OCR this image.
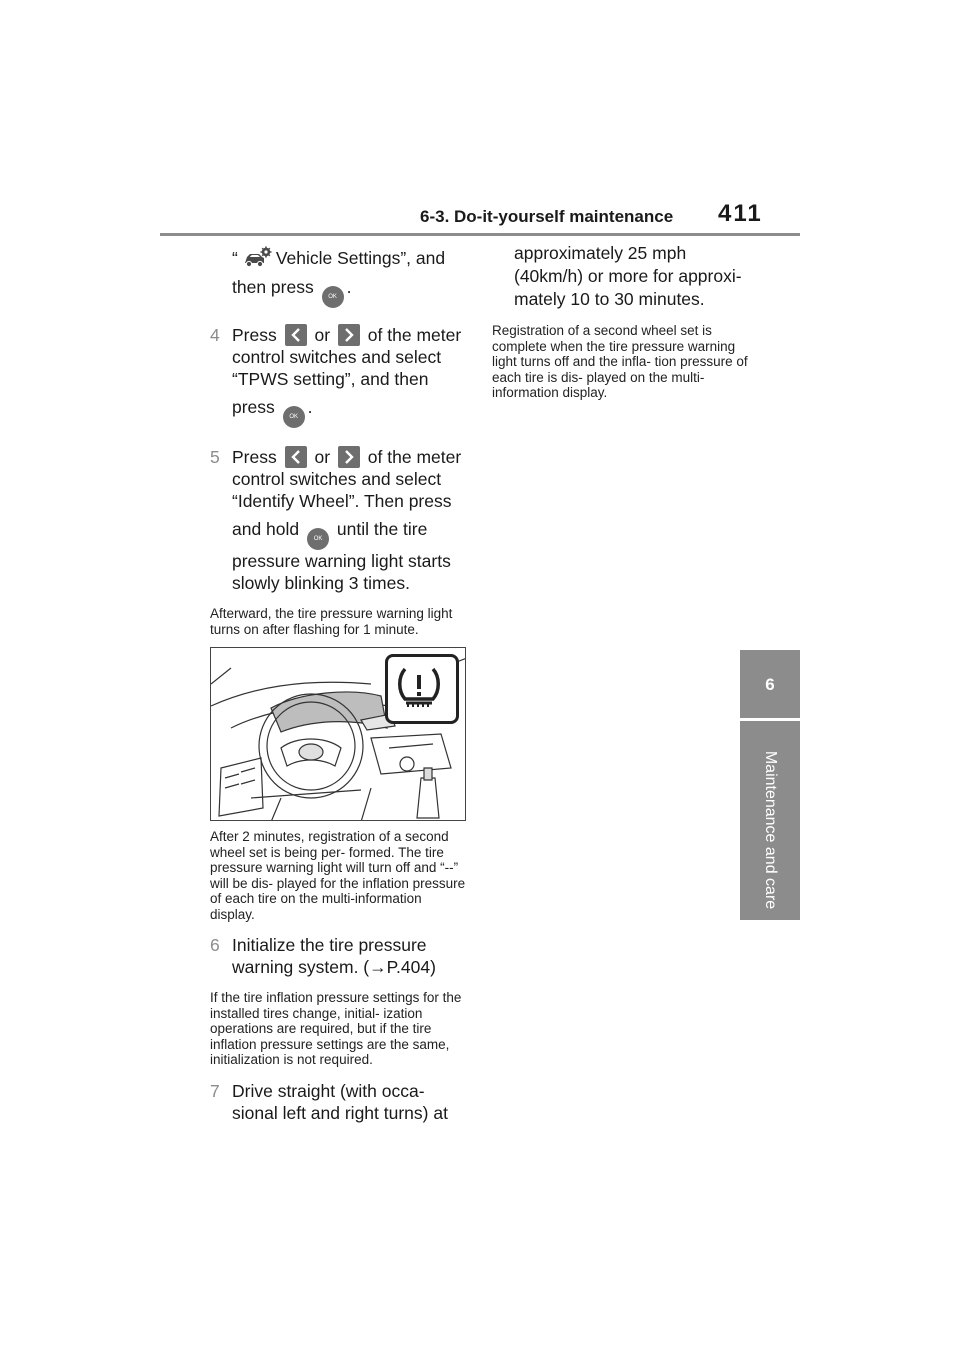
6-3. Do-it-yourself maintenance 411
6
Maintenance and care
“ Vehicle Settings”, and
then press OK .
4 Press or of the meter
control switches and select
“TPWS setting”, and then
press OK .
5 Press or of the meter
control switches and select
“Identify Wheel”. Then press
and hold OK until the tire
pressure warning light starts
slowly blinking 3 times.

Afterward, the tire pressure warning light turns on after flashing for 1 minute.

After 2 minutes, registration of a second wheel set is being per- formed. The tire pressure warning light will turn off and “--” will be dis- played for the inflation pressure of each tire on the multi-information display.

6 Initialize the tire pressure
warning system. (→P.404)

If the tire inflation pressure settings for the installed tires change, initial- ization operations are required, but if the tire inflation pressure settings are the same, initialization is not required.

7 Drive straight (with occa-
sional left and right turns) at
approximately 25 mph
(40km/h) or more for approxi-
mately 10 to 30 minutes.

Registration of a second wheel set is complete when the tire pressure warning light turns off and the infla- tion pressure of each tire is dis- played on the multi-information display.
